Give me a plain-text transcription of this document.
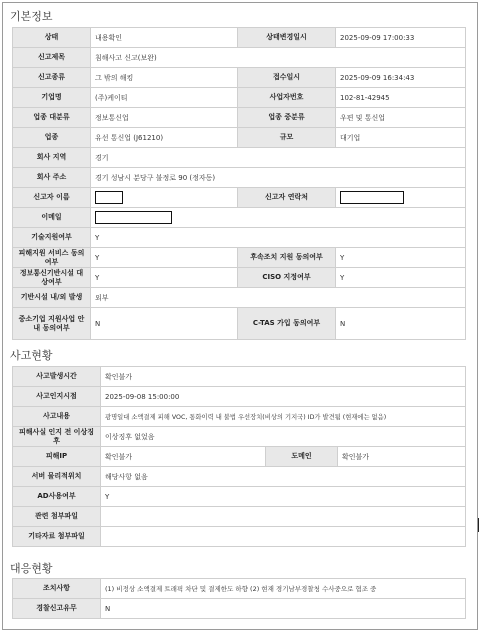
기본정보
상태	내용확인	상태변경일시	2025-09-09 17:00:33
신고제목	침해사고 신고(보완)		
신고종류	그 밖의 해킹	접수일시	2025-09-09 16:34:43
기업명	(주)케이티	사업자번호	102-81-42945
업종 대분류	정보통신업	업종 중분류	우편 및 통신업
업종	유선 통신업 (J61210)	규모	대기업
회사 지역	경기		
회사 주소	경기 성남시 분당구 불정로 90 (정자동)		
신고자 이름		신고자 연락처	
이메일			
기술지원여부	Y		
피해지원 서비스 동의여부	Y	후속조치 지원 동의여부	Y
정보통신기반시설 대상여부	Y	CISO 지정여부	Y
기반시설 내/외 발생	외부		
중소기업 지원사업 안내 동의여부	N	C-TAS 가입 동의여부	N
사고현황
사고발생시간	확인불가		
사고인지시점	2025-09-08 15:00:00		
사고내용	광명일대 소액결제 피해 VOC, 통화이력 내 불법 우선장치(비상의 기지국) ID가 발견됨 (현재에는 없음)		
피해사실 인지 전 이상징후	이상징후 없었음		
피해IP	확인불가	도메인	확인불가
서버 물리적위치	해당사항 없음		
AD사용여부	Y		
관련 첨부파일			
기타자료 첨부파일			
대응현황
조치사항	(1) 비정상 소액결제 트래픽 차단 및 결제한도 하향 (2) 현재 경기남부경찰청 수사중으로 협조 중
경찰신고유무	N
